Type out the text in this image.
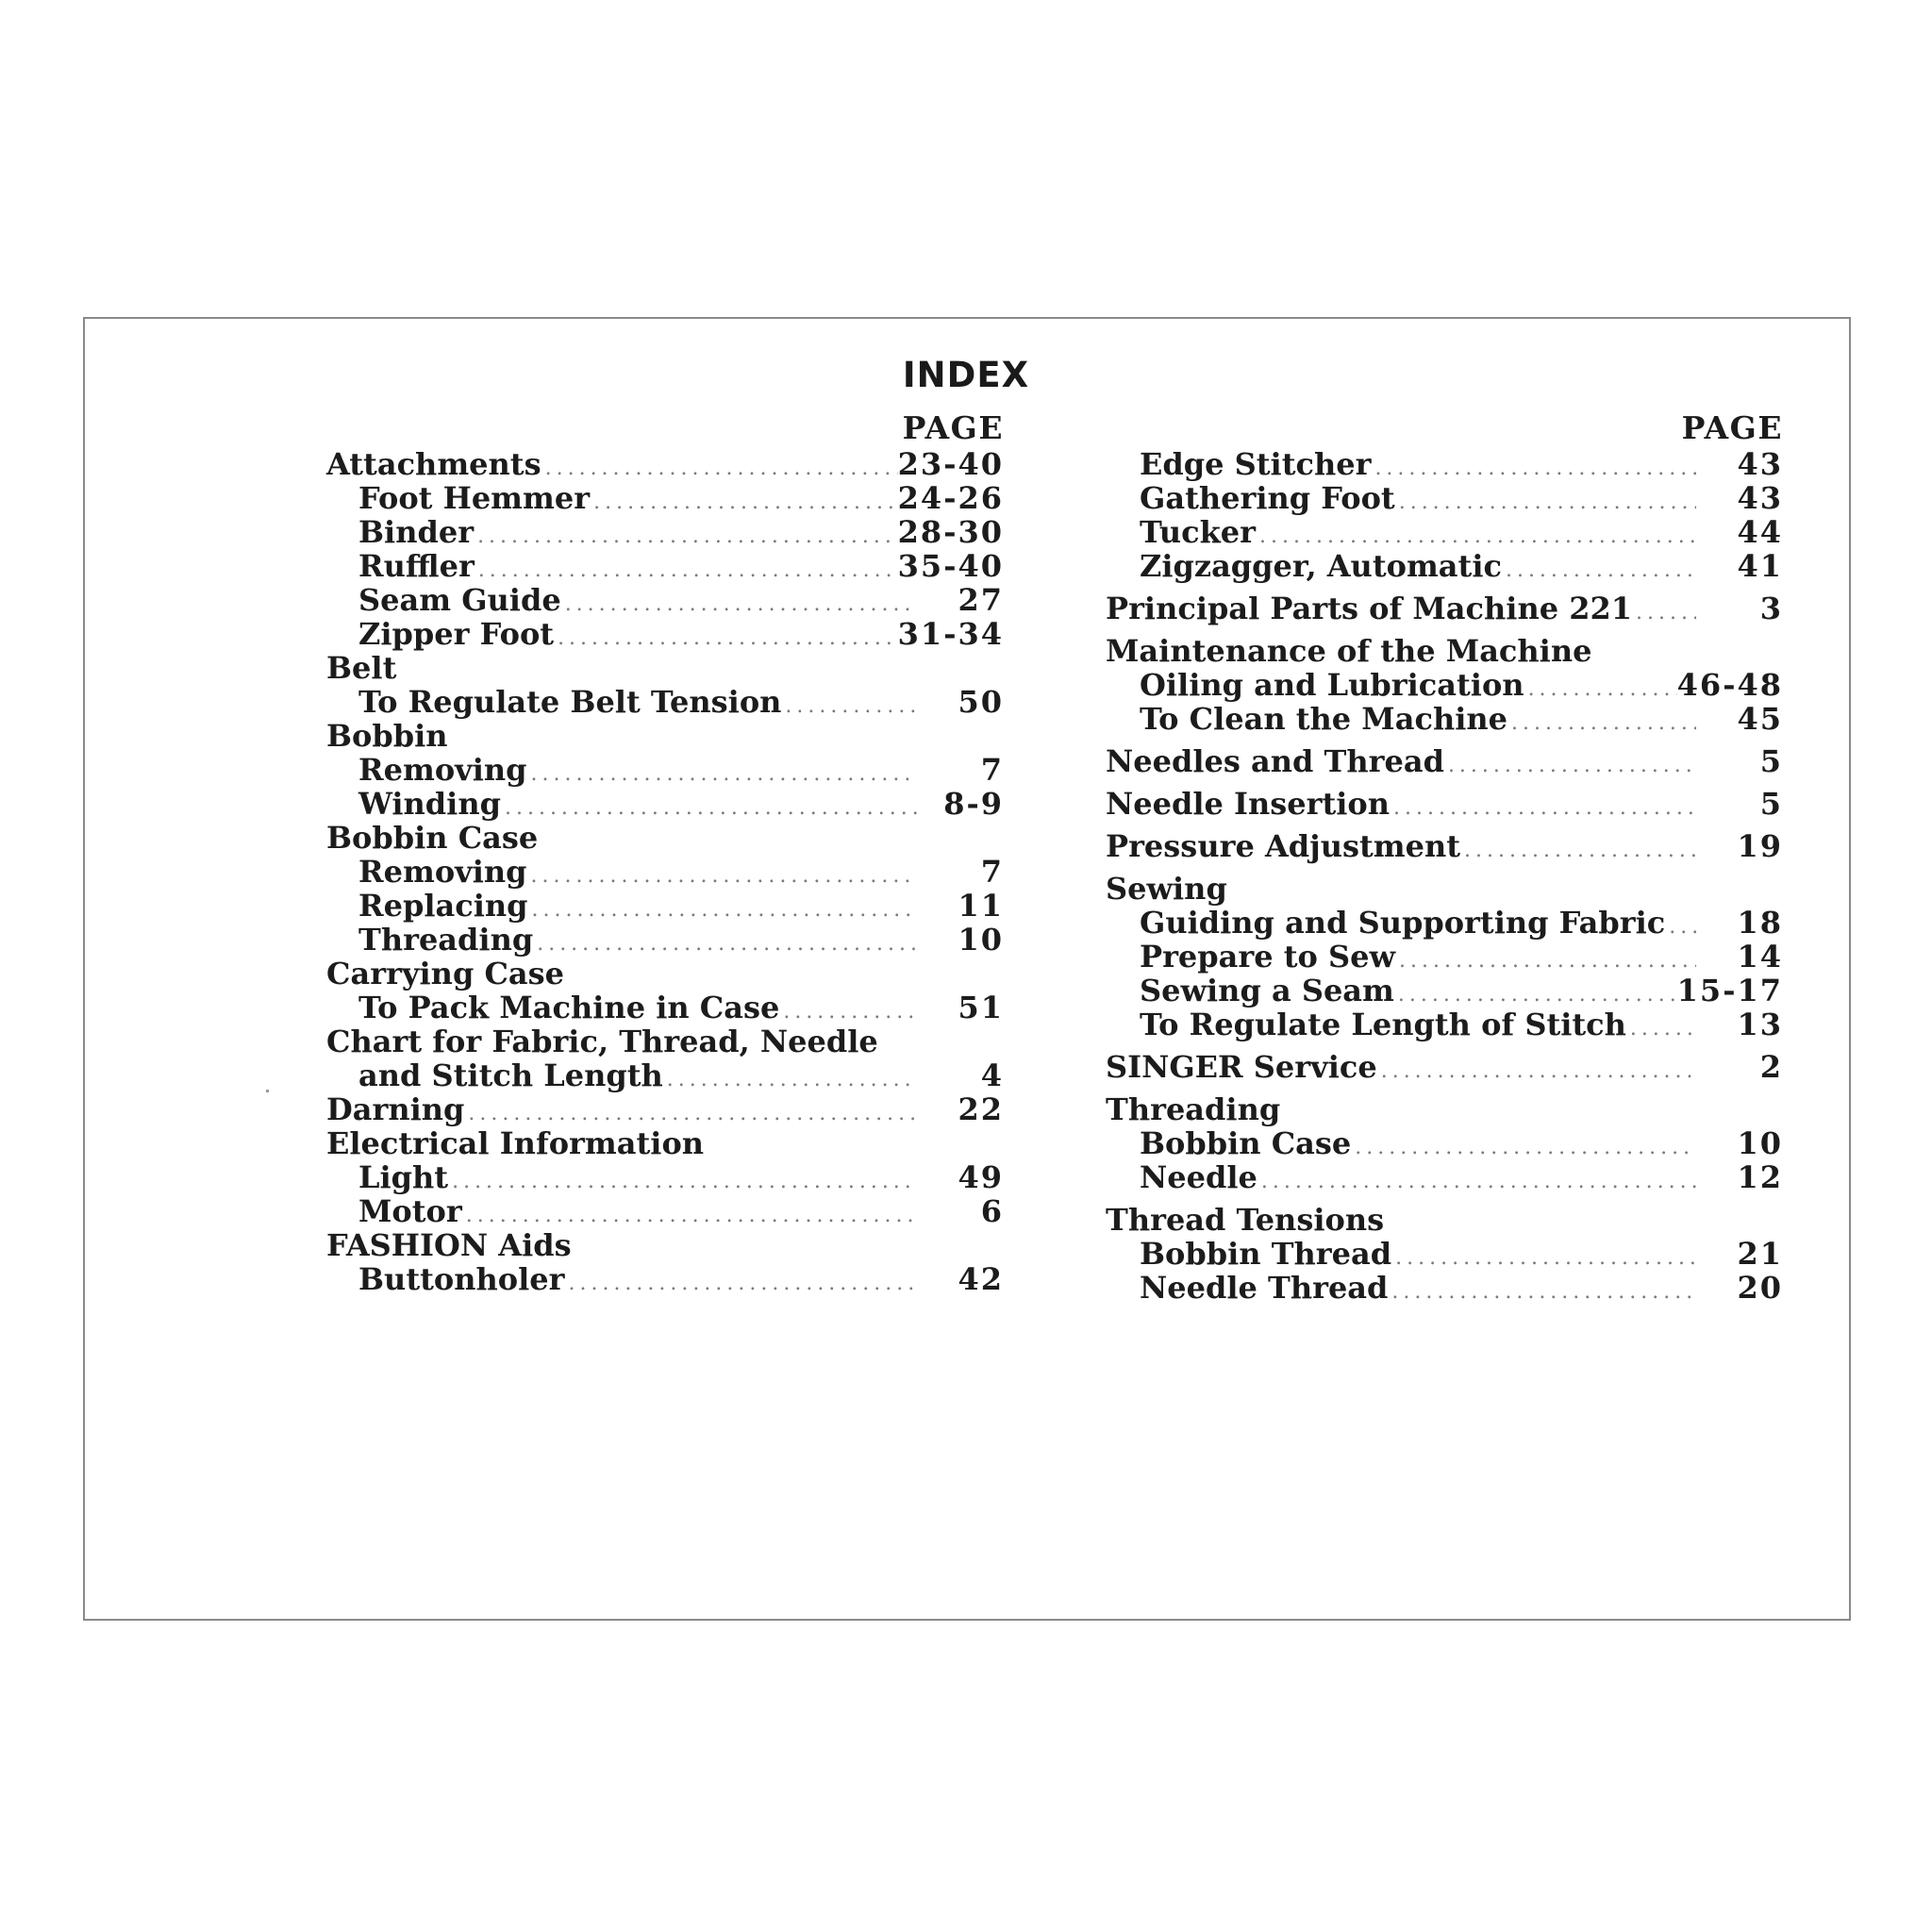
INDEX
PAGE
Attachments .....	23-40
Foot Hemmer .....	24-26
Binder .....	28-30
Ruffler .....	35-40
Seam Guide .....	27
Zipper Foot .....	31-34
Belt
To Regulate Belt Tension .....	50
Bobbin
Removing .....	7
Winding .....	8-9
Bobbin Case
Removing .....	7
Replacing .....	11
Threading .....	10
Carrying Case
To Pack Machine in Case .....	51
Chart for Fabric, Thread, Needle
and Stitch Length .....	4
Darning .....	22
Electrical Information
Light .....	49
Motor .....	6
FASHION Aids
Buttonholer .....	42
PAGE
Edge Stitcher .....	43
Gathering Foot .....	43
Tucker .....	44
Zigzagger, Automatic .....	41
Principal Parts of Machine 221 .....	3
Maintenance of the Machine
Oiling and Lubrication .....	46-48
To Clean the Machine .....	45
Needles and Thread .....	5
Needle Insertion .....	5
Pressure Adjustment .....	19
Sewing
Guiding and Supporting Fabric .....	18
Prepare to Sew .....	14
Sewing a Seam .....	15-17
To Regulate Length of Stitch .....	13
SINGER Service .....	2
Threading
Bobbin Case .....	10
Needle .....	12
Thread Tensions
Bobbin Thread .....	21
Needle Thread .....	20
